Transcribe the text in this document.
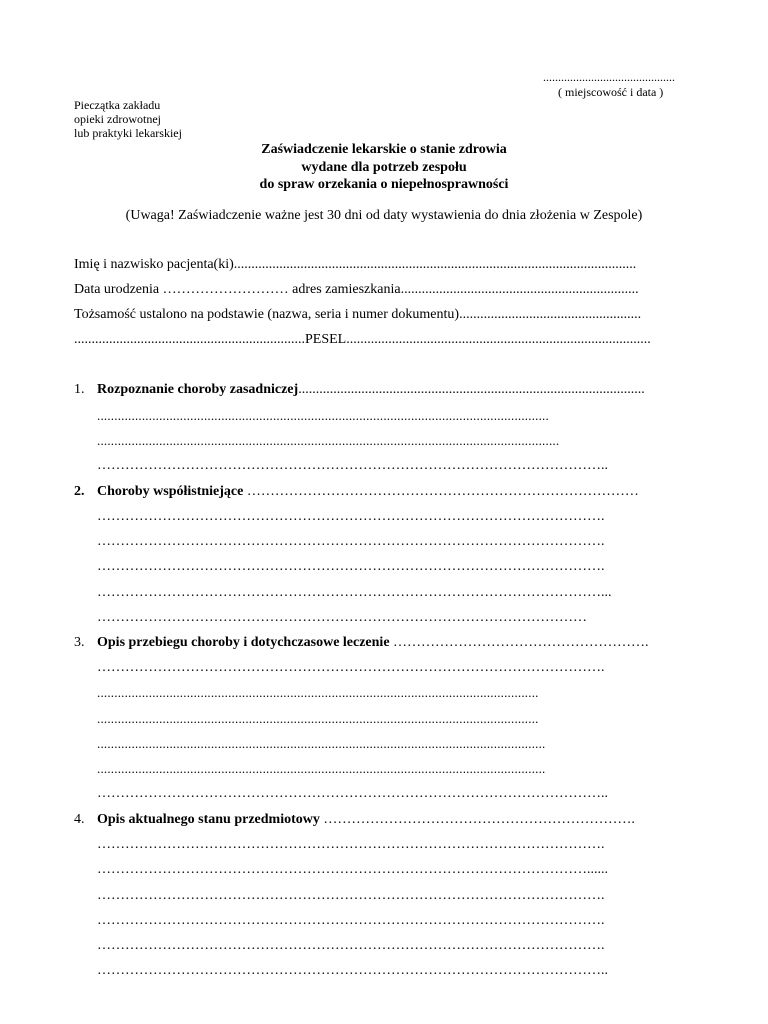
............................................
( miejscowość i data )
Pieczątka zakładu
opieki zdrowotnej
lub praktyki lekarskiej
Zaświadczenie lekarskie o stanie zdrowia
wydane dla potrzeb zespołu
do spraw orzekania o niepełnosprawności
(Uwaga! Zaświadczenie ważne jest 30 dni od daty wystawienia do dnia złożenia w Zespole)
Imię i nazwisko pacjenta(ki)...................................................................................................................
Data urodzenia ……………………… adres zamieszkania....................................................................
Tożsamość ustalono na podstawie (nazwa, seria i numer dokumentu)....................................................
..................................................................PESEL.......................................................................................
1. Rozpoznanie choroby zasadniczej...................................................................................................
...................................................................................................................................
......................................................................................................................................
………………………………………………………………………………………………..
2. Choroby współistniejące …………………………………………………………………………
……………………………………………………………………………………………….
……………………………………………………………………………………………….
……………………………………………………………………………………………….
………………………………………………………………………………………………...
……………………………………………………………………………………………
3. Opis przebiegu choroby i dotychczasowe leczenie ……………………………………………….
……………………………………………………………………………………………….
................................................................................................................................
................................................................................................................................
..................................................................................................................................
..................................................................................................................................
………………………………………………………………………………………………..
4. Opis aktualnego stanu przedmiotowy ………………………………………………………….
……………………………………………………………………………………………….
……………………………………………………………………………………………......
……………………………………………………………………………………………….
……………………………………………………………………………………………….
……………………………………………………………………………………………….
………………………………………………………………………………………………..
